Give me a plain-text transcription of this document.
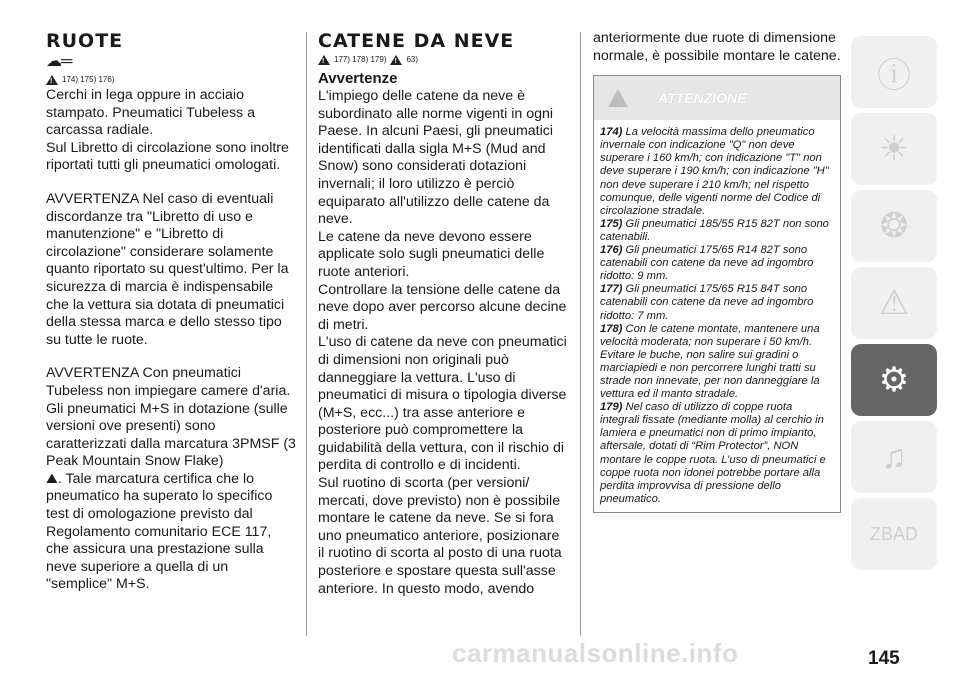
RUOTE
☁═
!
174) 175) 176)

Cerchi in lega oppure in acciaio stampato. Pneumatici Tubeless a carcassa radiale.

Sul Libretto di circolazione sono inoltre riportati tutti gli pneumatici omologati.

AVVERTENZA Nel caso di eventuali discordanze tra "Libretto di uso e manutenzione" e "Libretto di circolazione" considerare solamente quanto riportato su quest'ultimo. Per la sicurezza di marcia è indispensabile che la vettura sia dotata di pneumatici della stessa marca e dello stesso tipo su tutte le ruote.

AVVERTENZA Con pneumatici Tubeless non impiegare camere d'aria. Gli pneumatici M+S in dotazione (sulle versioni ove presenti) sono caratterizzati dalla marcatura 3PMSF (3 Peak Mountain Snow Flake)

⛰. Tale marcatura certifica che lo pneumatico ha superato lo specifico test di omologazione previsto dal Regolamento comunitario ECE 117, che assicura una prestazione sulla neve superiore a quella di un "semplice" M+S.

CATENE DA NEVE
!
177) 178) 179)
!	63)
Avvertenze

L'impiego delle catene da neve è subordinato alle norme vigenti in ogni Paese. In alcuni Paesi, gli pneumatici identificati dalla sigla M+S (Mud and Snow) sono considerati dotazioni invernali; il loro utilizzo è perciò equiparato all'utilizzo delle catene da neve.

Le catene da neve devono essere applicate solo sugli pneumatici delle ruote anteriori.

Controllare la tensione delle catene da neve dopo aver percorso alcune decine di metri.

L'uso di catene da neve con pneumatici di dimensioni non originali può danneggiare la vettura. L'uso di pneumatici di misura o tipologia diverse (M+S, ecc...) tra asse anteriore e posteriore può compromettere la guidabilità della vettura, con il rischio di perdita di controllo e di incidenti.

Sul ruotino di scorta (per versioni/ mercati, dove previsto) non è possibile montare le catene da neve. Se si fora uno pneumatico anteriore, posizionare il ruotino di scorta al posto di una ruota posteriore e spostare questa sull'asse anteriore. In questo modo, avendo

anteriormente due ruote di dimensione normale, è possibile montare le catene.

ATTENZIONE

174) La velocità massima dello pneumatico invernale con indicazione "Q" non deve superare i 160 km/h; con indicazione "T" non deve superare i 190 km/h; con indicazione "H" non deve superare i 210 km/h; nel rispetto comunque, delle vigenti norme del Codice di circolazione stradale.

175) Gli pneumatici 185/55 R15 82T non sono catenabili.

176) Gli pneumatici 175/65 R14 82T sono catenabili con catene da neve ad ingombro ridotto: 9 mm.

177) Gli pneumatici 175/65 R15 84T sono catenabili con catene da neve ad ingombro ridotto: 7 mm.

178) Con le catene montate, mantenere una velocità moderata; non superare i 50 km/h. Evitare le buche, non salire sui gradini o marciapiedi e non percorrere lunghi tratti su strade non innevate, per non danneggiare la vettura ed il manto stradale.

179) Nel caso di utilizzo di coppe ruota integrali fissate (mediante molla) al cerchio in lamiera e pneumatici non di primo impianto, aftersale, dotati di “Rim Protector”, NON montare le coppe ruota. L’uso di pneumatici e coppe ruota non idonei potrebbe portare alla perdita improvvisa di pressione dello pneumatico.

ⓘ
☀
❂
⚠
⚙
♫
ZBAD
carmanualsonline.info	145
